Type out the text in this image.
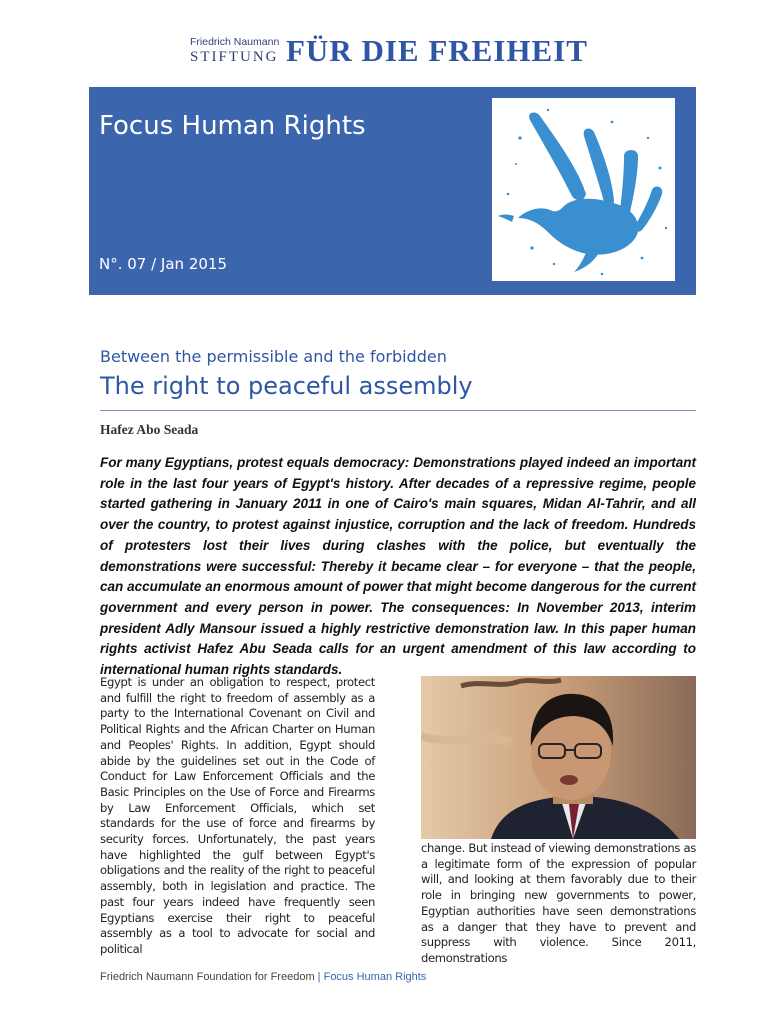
Friedrich Naumann
STIFTUNG FÜR DIE FREIHEIT
Focus Human Rights
N°. 07 / Jan 2015
Between the permissible and the forbidden
The right to peaceful assembly
Hafez Abo Seada

For many Egyptians, protest equals democracy: Demonstrations played indeed an important role in the last four years of Egypt's history. After decades of a repressive regime, people started gathering in January 2011 in one of Cairo's main squares, Midan Al-Tahrir, and all over the country, to protest against injustice, corruption and the lack of freedom. Hundreds of protesters lost their lives during clashes with the police, but eventually the demonstrations were successful: Thereby it became clear – for everyone – that the people, can accumulate an enormous amount of power that might become dangerous for the current government and every person in power. The consequences: In November 2013, interim president Adly Mansour issued a highly restrictive demonstration law. In this paper human rights activist Hafez Abu Seada calls for an urgent amendment of this law according to international human rights standards.

Egypt is under an obligation to respect, protect and fulfill the right to freedom of assembly as a party to the International Covenant on Civil and Political Rights and the African Charter on Human and Peoples' Rights. In addition, Egypt should abide by the guidelines set out in the Code of Conduct for Law Enforcement Officials and the Basic Principles on the Use of Force and Firearms by Law Enforcement Officials, which set standards for the use of force and firearms by security forces. Unfortunately, the past years have highlighted the gulf between Egypt's obligations and the reality of the right to peaceful assembly, both in legislation and practice. The past four years indeed have frequently seen Egyptians exercise their right to peaceful assembly as a tool to advocate for social and political

change. But instead of viewing demonstrations as a legitimate form of the expression of popular will, and looking at them favorably due to their role in bringing new governments to power, Egyptian authorities have seen demonstrations as a danger that they have to prevent and suppress with violence. Since 2011, demonstrations

Friedrich Naumann Foundation for Freedom | Focus Human Rights
